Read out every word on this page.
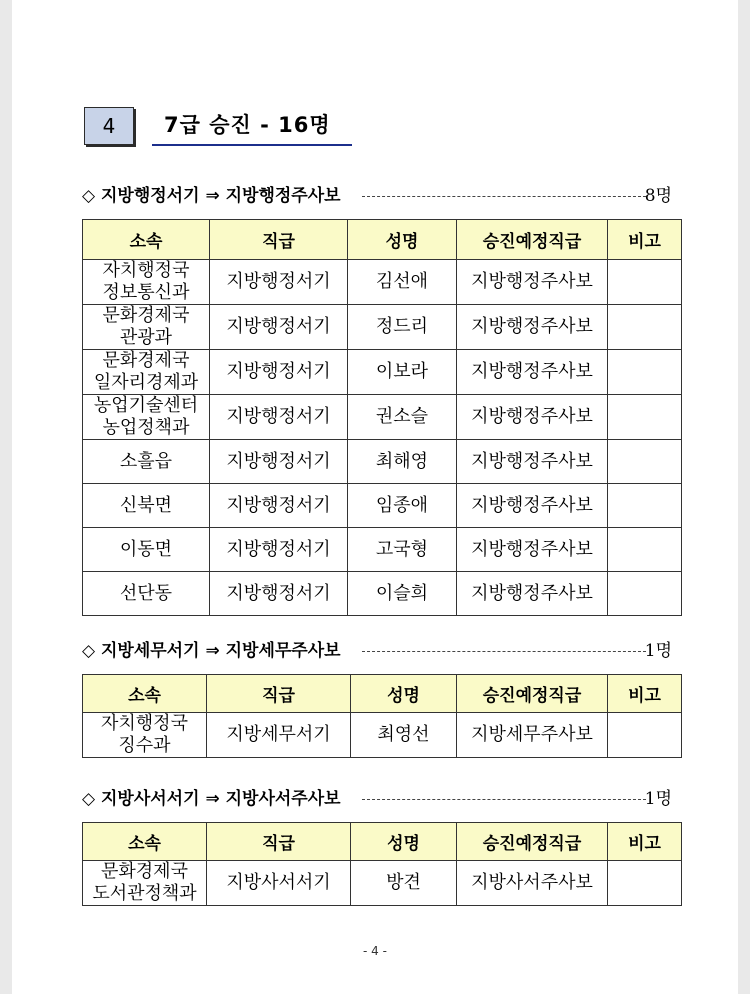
4	7급 승진 - 16명
◇ 지방행정서기 ⇒ 지방행정주사보	8명
소속	직급	성명	승진예정직급	비고
자치행정국
정보통신과	지방행정서기	김선애	지방행정주사보	
문화경제국
관광과	지방행정서기	정드리	지방행정주사보	
문화경제국
일자리경제과	지방행정서기	이보라	지방행정주사보	
농업기술센터
농업정책과	지방행정서기	권소슬	지방행정주사보	
소흘읍	지방행정서기	최해영	지방행정주사보	
신북면	지방행정서기	임종애	지방행정주사보	
이동면	지방행정서기	고국형	지방행정주사보	
선단동	지방행정서기	이슬희	지방행정주사보	
◇ 지방세무서기 ⇒ 지방세무주사보	1명
소속	직급	성명	승진예정직급	비고
자치행정국
징수과	지방세무서기	최영선	지방세무주사보	
◇ 지방사서서기 ⇒ 지방사서주사보	1명
소속	직급	성명	승진예정직급	비고
문화경제국
도서관정책과	지방사서서기	방견	지방사서주사보	
- 4 -
